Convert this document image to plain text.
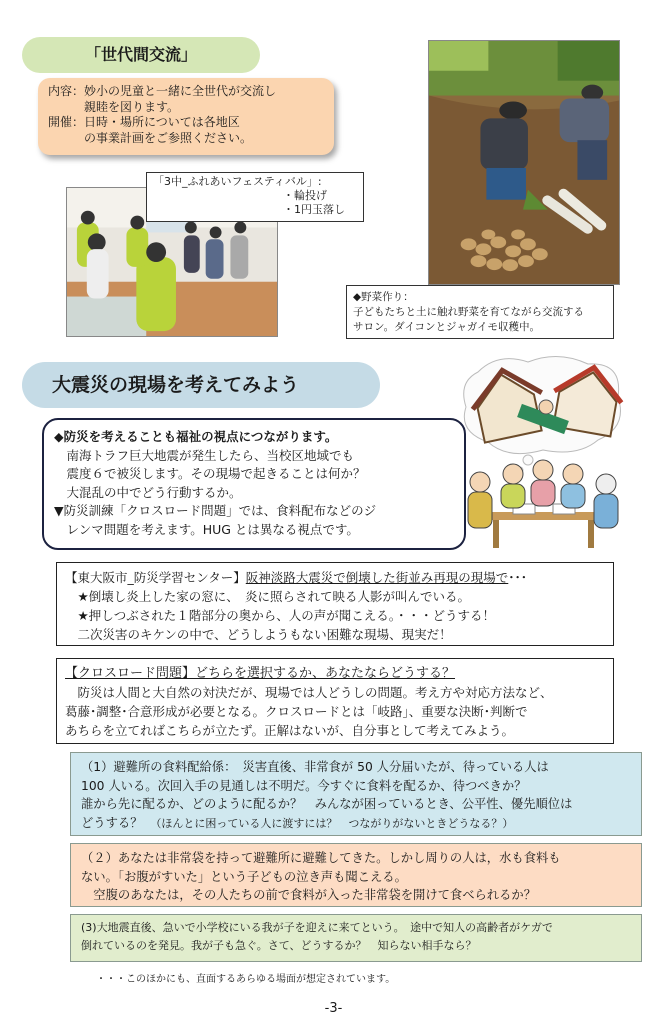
「世代間交流」
内容：妙小の児童と一緒に全世代が交流し
　　　親睦を図ります。
開催：日時・場所については各地区
　　　の事業計画をご参照ください。
「3中_ふれあいフェスティバル」:
・輪投げ
・1円玉落し
◆野菜作り：
子どもたちと土に触れ野菜を育てながら交流する
サロン。ダイコンとジャガイモ収穫中。
大震災の現場を考えてみよう
◆防災を考えることも福祉の視点につながります。
　南海トラフ巨大地震が発生したら、当校区地域でも
　震度６で被災します。その現場で起きることは何か？
　大混乱の中でどう行動するか。
▼防災訓練「クロスロード問題」では、食料配布などのジ
　レンマ問題を考えます。HUG とは異なる視点です。
【東大阪市_防災学習センター】阪神淡路大震災で倒壊した街並み再現の現場で･･･
　★倒壊し炎上した家の窓に、　炎に照らされて映る人影が叫んでいる。
　★押しつぶされた１階部分の奥から、人の声が聞こえる。・・・どうする！
　二次災害のキケンの中で、どうしようもない困難な現場、現実だ！
【クロスロード問題】どちらを選択するか、あなたならどうする？
　防災は人間と大自然の対決だが、現場では人どうしの問題。考え方や対応方法など、
葛藤･調整･合意形成が必要となる。クロスロードとは「岐路」、重要な決断･判断で
あちらを立てればこちらが立たず。正解はないが、自分事として考えてみよう。
（1）避難所の食料配給係：　災害直後、非常食が 50 人分届いたが、待っている人は
100 人いる。次回入手の見通しは不明だ。今すぐに食料を配るか、待つべきか？
誰から先に配るか、どのように配るか？　みんなが困っているとき、公平性、優先順位は
どうする？ （ほんとに困っている人に渡すには？　つながりがないときどうなる？）
（２）あなたは非常袋を持って避難所に避難してきた。しかし周りの人は，水も食料も
ない。「お腹がすいた」という子どもの泣き声も聞こえる。
　空腹のあなたは，その人たちの前で食料が入った非常袋を開けて食べられるか？
(3)大地震直後、急いで小学校にいる我が子を迎えに来てという。　途中で知人の高齢者がケガで
倒れているのを発見。我が子も急ぐ。さて、どうするか？　知らない相手なら？
・・・このほかにも、直面するあらゆる場面が想定されています。
-3-
